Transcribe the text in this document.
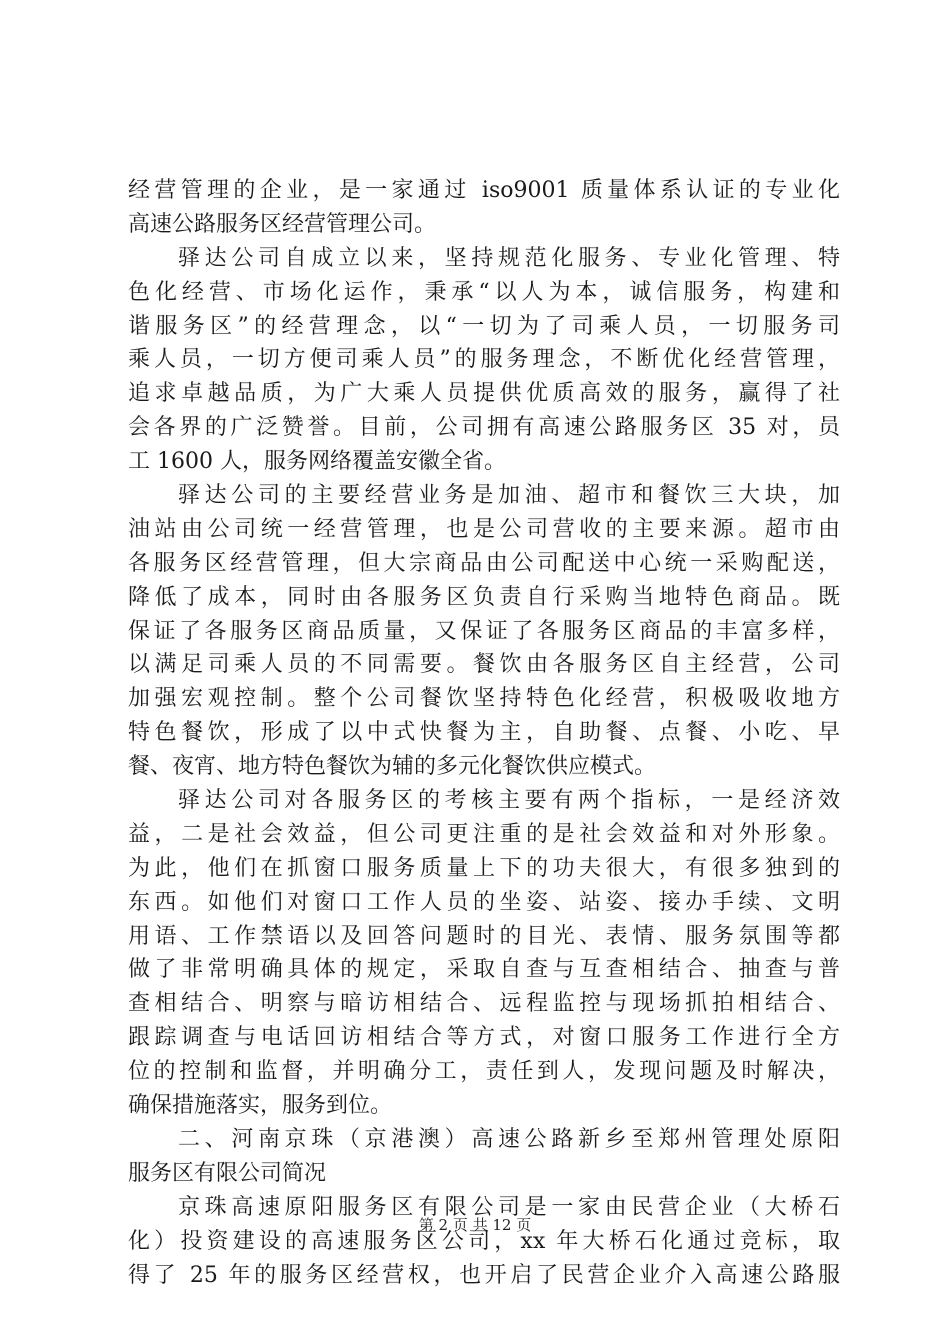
经营管理的企业，是一家通过 iso9001 质量体系认证的专业化
高速公路服务区经营管理公司。
驿达公司自成立以来，坚持规范化服务、专业化管理、特
色化经营、市场化运作，秉承“以人为本，诚信服务，构建和
谐服务区”的经营理念，以“一切为了司乘人员，一切服务司
乘人员，一切方便司乘人员”的服务理念，不断优化经营管理，
追求卓越品质，为广大乘人员提供优质高效的服务，赢得了社
会各界的广泛赞誉。目前，公司拥有高速公路服务区 35 对，员
工 1600 人，服务网络覆盖安徽全省。
驿达公司的主要经营业务是加油、超市和餐饮三大块，加
油站由公司统一经营管理，也是公司营收的主要来源。超市由
各服务区经营管理，但大宗商品由公司配送中心统一采购配送，
降低了成本，同时由各服务区负责自行采购当地特色商品。既
保证了各服务区商品质量，又保证了各服务区商品的丰富多样，
以满足司乘人员的不同需要。餐饮由各服务区自主经营，公司
加强宏观控制。整个公司餐饮坚持特色化经营，积极吸收地方
特色餐饮，形成了以中式快餐为主，自助餐、点餐、小吃、早
餐、夜宵、地方特色餐饮为辅的多元化餐饮供应模式。
驿达公司对各服务区的考核主要有两个指标，一是经济效
益，二是社会效益，但公司更注重的是社会效益和对外形象。
为此，他们在抓窗口服务质量上下的功夫很大，有很多独到的
东西。如他们对窗口工作人员的坐姿、站姿、接办手续、文明
用语、工作禁语以及回答问题时的目光、表情、服务氛围等都
做了非常明确具体的规定，采取自查与互查相结合、抽查与普
查相结合、明察与暗访相结合、远程监控与现场抓拍相结合、
跟踪调查与电话回访相结合等方式，对窗口服务工作进行全方
位的控制和监督，并明确分工，责任到人，发现问题及时解决，
确保措施落实，服务到位。
二、河南京珠（京港澳）高速公路新乡至郑州管理处原阳
服务区有限公司简况
京珠高速原阳服务区有限公司是一家由民营企业（大桥石
化）投资建设的高速服务区公司，xx 年大桥石化通过竞标，取
得了 25 年的服务区经营权，也开启了民营企业介入高速公路服
第 2 页 共 12 页
